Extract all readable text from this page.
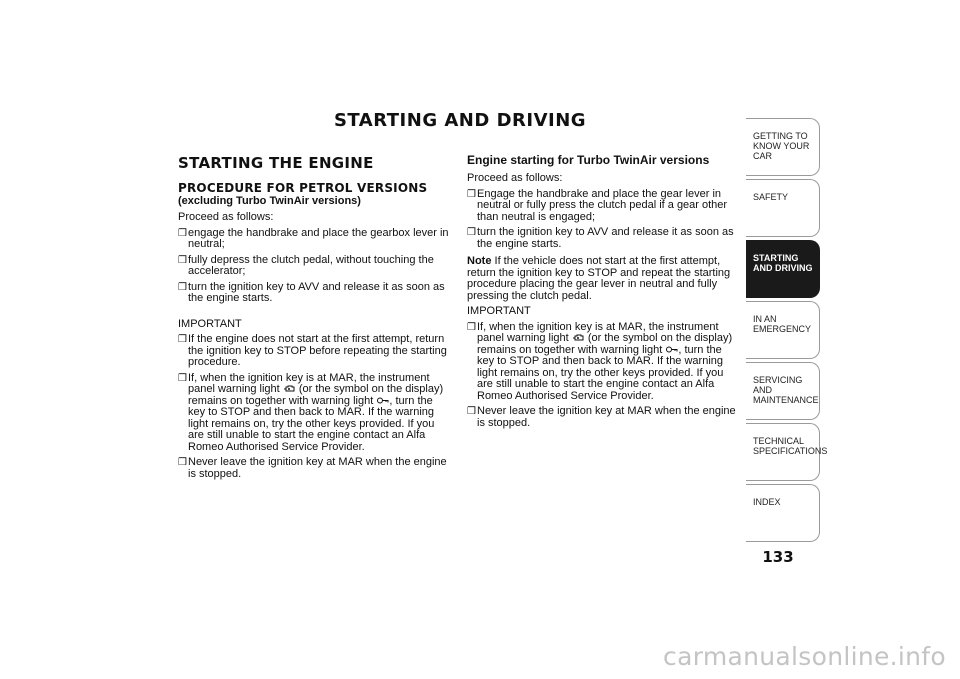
STARTING AND DRIVING
STARTING THE ENGINE
PROCEDURE FOR PETROL VERSIONS
(excluding Turbo TwinAir versions)
Proceed as follows:
❒ engage the handbrake and place the gearbox lever in neutral;
❒ fully depress the clutch pedal, without touching the accelerator;
❒ turn the ignition key to AVV and release it as soon as the engine starts.
IMPORTANT
❒ If the engine does not start at the first attempt, return the ignition key to STOP before repeating the starting procedure.
❒ If, when the ignition key is at MAR, the instrument panel warning light (or the symbol on the display) remains on together with warning light , turn the key to STOP and then back to MAR. If the warning light remains on, try the other keys provided. If you are still unable to start the engine contact an Alfa Romeo Authorised Service Provider.
❒ Never leave the ignition key at MAR when the engine is stopped.
Engine starting for Turbo TwinAir versions
Proceed as follows:
❒ Engage the handbrake and place the gear lever in neutral or fully press the clutch pedal if a gear other than neutral is engaged;
❒ turn the ignition key to AVV and release it as soon as the engine starts.
Note If the vehicle does not start at the first attempt, return the ignition key to STOP and repeat the starting procedure placing the gear lever in neutral and fully pressing the clutch pedal.
IMPORTANT
❒ If, when the ignition key is at MAR, the instrument panel warning light (or the symbol on the display) remains on together with warning light , turn the key to STOP and then back to MAR. If the warning light remains on, try the other keys provided. If you are still unable to start the engine contact an Alfa Romeo Authorised Service Provider.
❒ Never leave the ignition key at MAR when the engine is stopped.
GETTING TO KNOW YOUR CAR
SAFETY
STARTING AND DRIVING
IN AN EMERGENCY
SERVICING AND MAINTENANCE
TECHNICAL SPECIFICATIONS
INDEX
133
carmanualsonline.info
